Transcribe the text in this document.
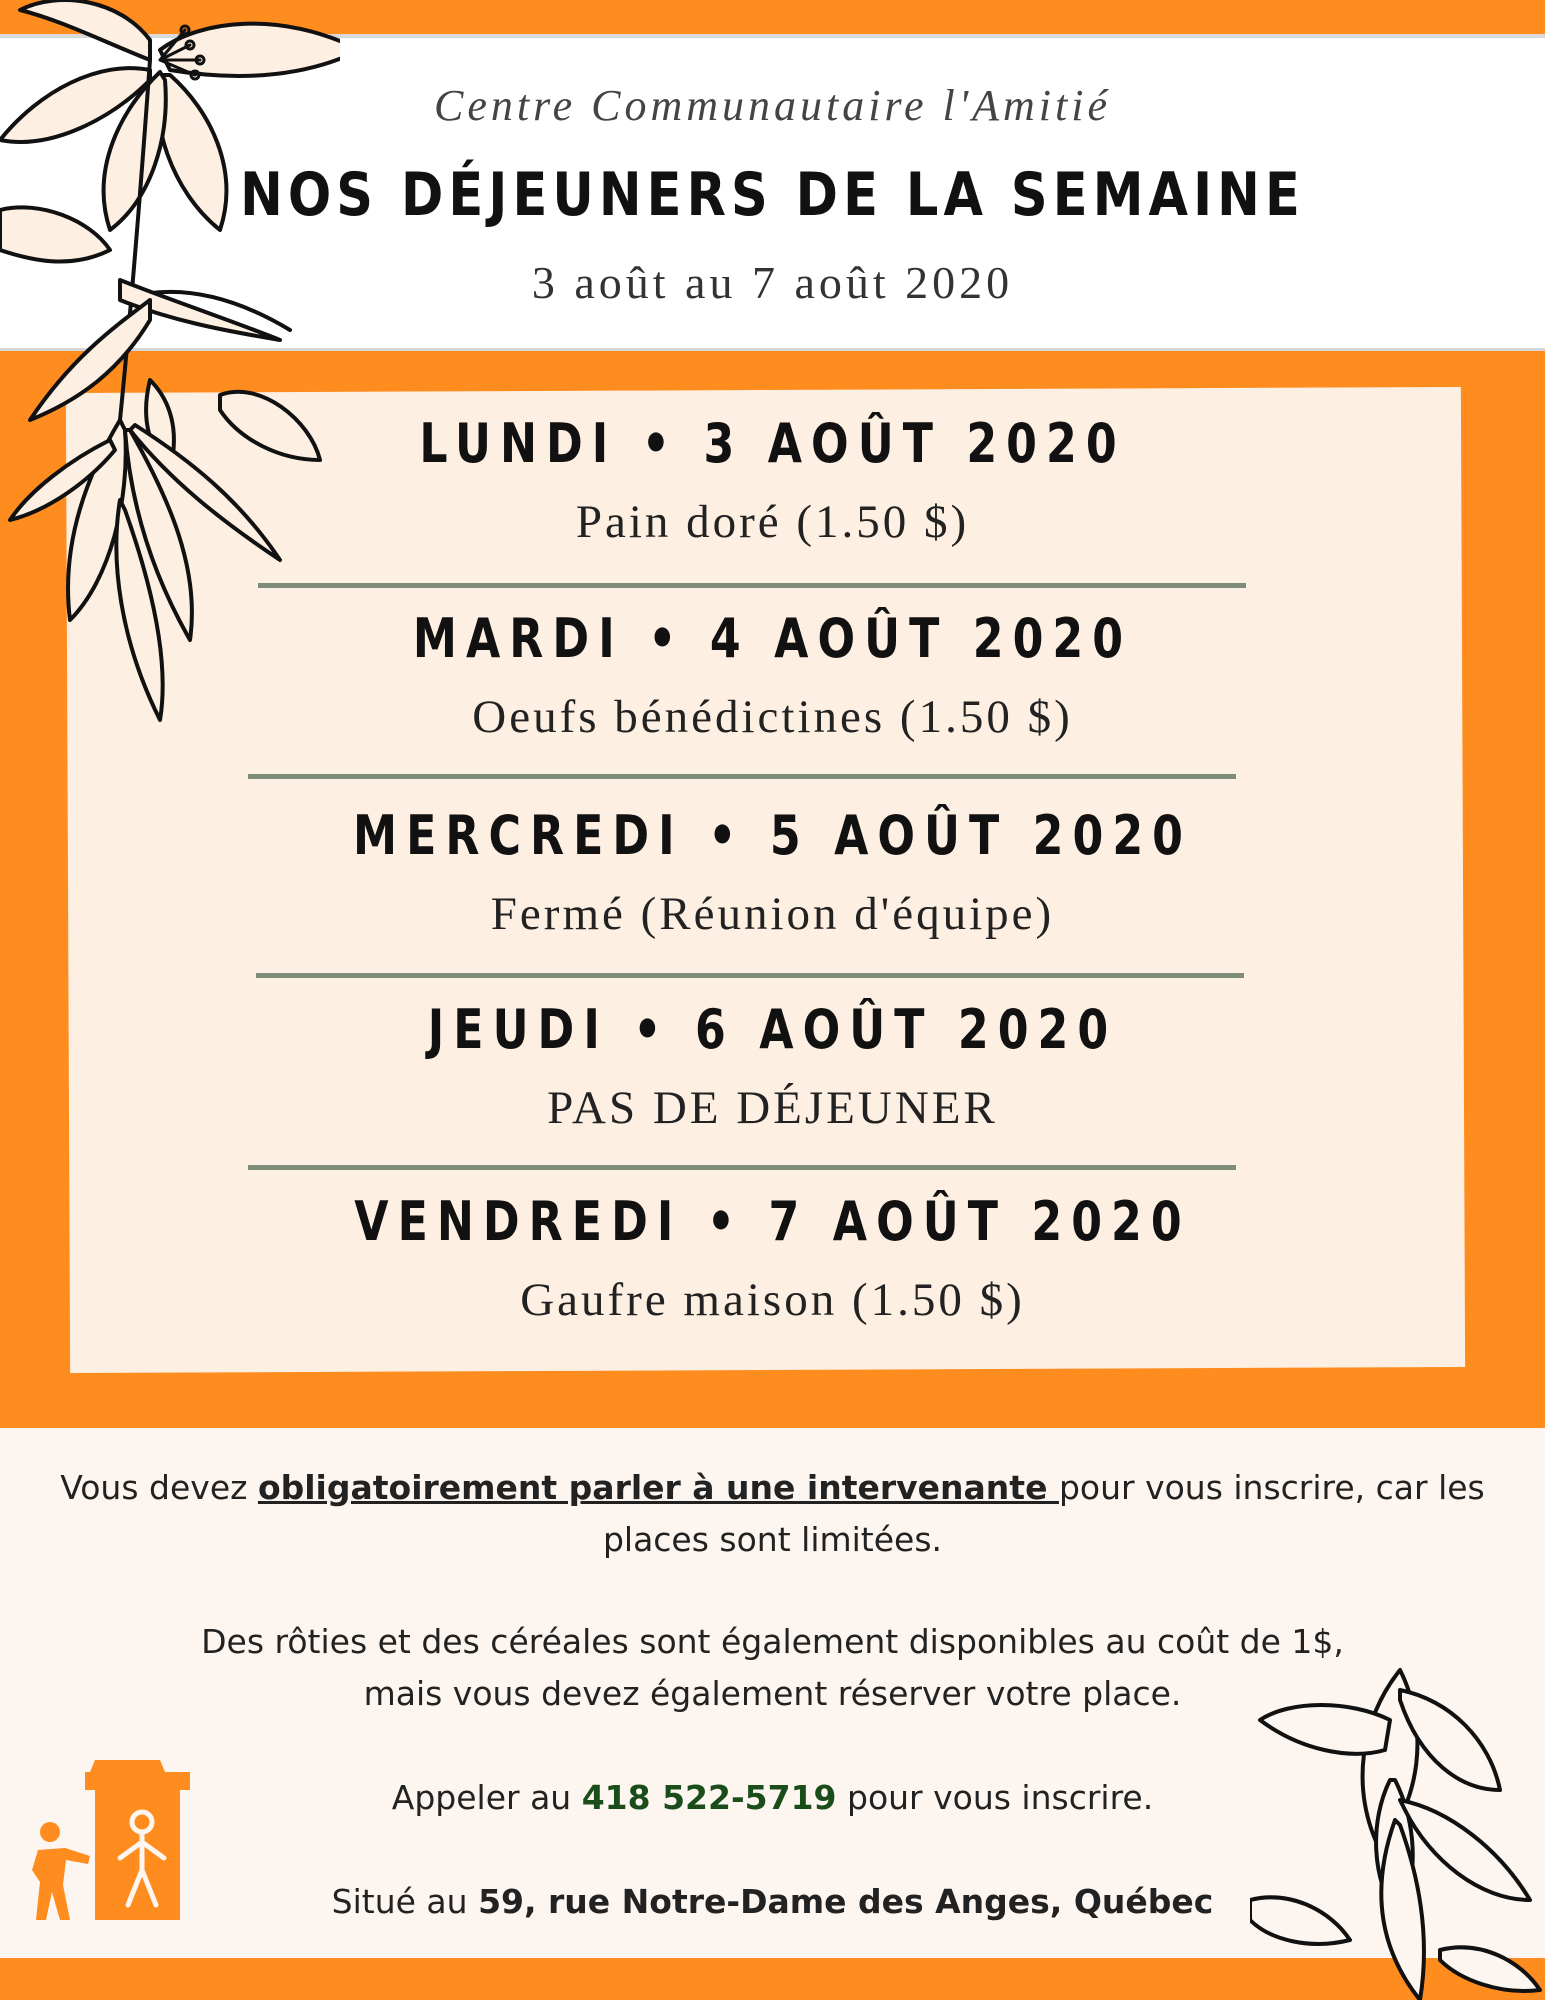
Centre Communautaire l'Amitié
NOS DÉJEUNERS DE LA SEMAINE
3 août au 7 août 2020
LUNDI • 3 AOÛT 2020
Pain doré (1.50 $)
MARDI • 4 AOÛT 2020
Oeufs bénédictines (1.50 $)
MERCREDI • 5 AOÛT 2020
Fermé (Réunion d'équipe)
JEUDI • 6 AOÛT 2020
PAS DE DÉJEUNER
VENDREDI • 7 AOÛT 2020
Gaufre maison (1.50 $)
Vous devez obligatoirement parler à une intervenante pour vous inscrire, car les
places sont limitées.
Des rôties et des céréales sont également disponibles au coût de 1$,
mais vous devez également réserver votre place.
Appeler au 418 522-5719 pour vous inscrire.
Situé au 59, rue Notre-Dame des Anges, Québec
